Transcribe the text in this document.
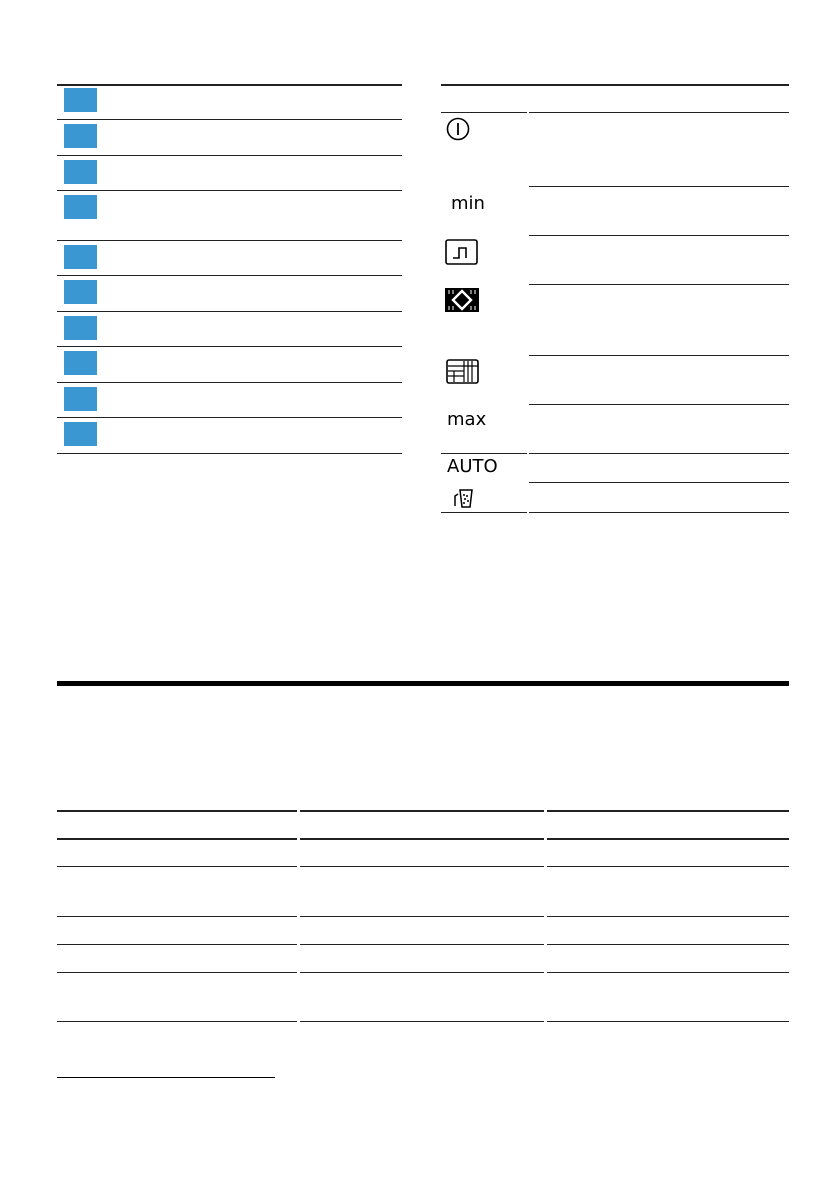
min
max
AUTO
